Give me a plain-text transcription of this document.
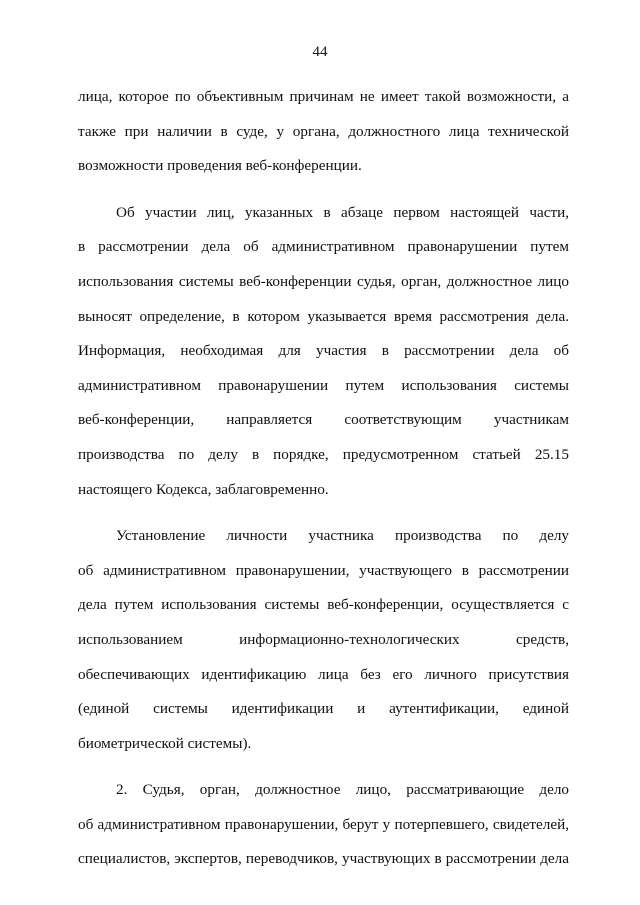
44
лица, которое по объективным причинам не имеет такой возможности, а
также при наличии в суде, у органа, должностного лица технической
возможности проведения веб-конференции.
Об участии лиц, указанных в абзаце первом настоящей части,
в рассмотрении дела об административном правонарушении путем
использования системы веб-конференции судья, орган, должностное лицо
выносят определение, в котором указывается время рассмотрения дела.
Информация, необходимая для участия в рассмотрении дела об
административном правонарушении путем использования системы
веб-конференции, направляется соответствующим участникам
производства по делу в порядке, предусмотренном статьей 25.15
настоящего Кодекса, заблаговременно.
Установление личности участника производства по делу
об административном правонарушении, участвующего в рассмотрении
дела путем использования системы веб-конференции, осуществляется с
использованием информационно-технологических средств,
обеспечивающих идентификацию лица без его личного присутствия
(единой системы идентификации и аутентификации, единой
биометрической системы).
2. Судья, орган, должностное лицо, рассматривающие дело
об административном правонарушении, берут у потерпевшего, свидетелей,
специалистов, экспертов, переводчиков, участвующих в рассмотрении дела
